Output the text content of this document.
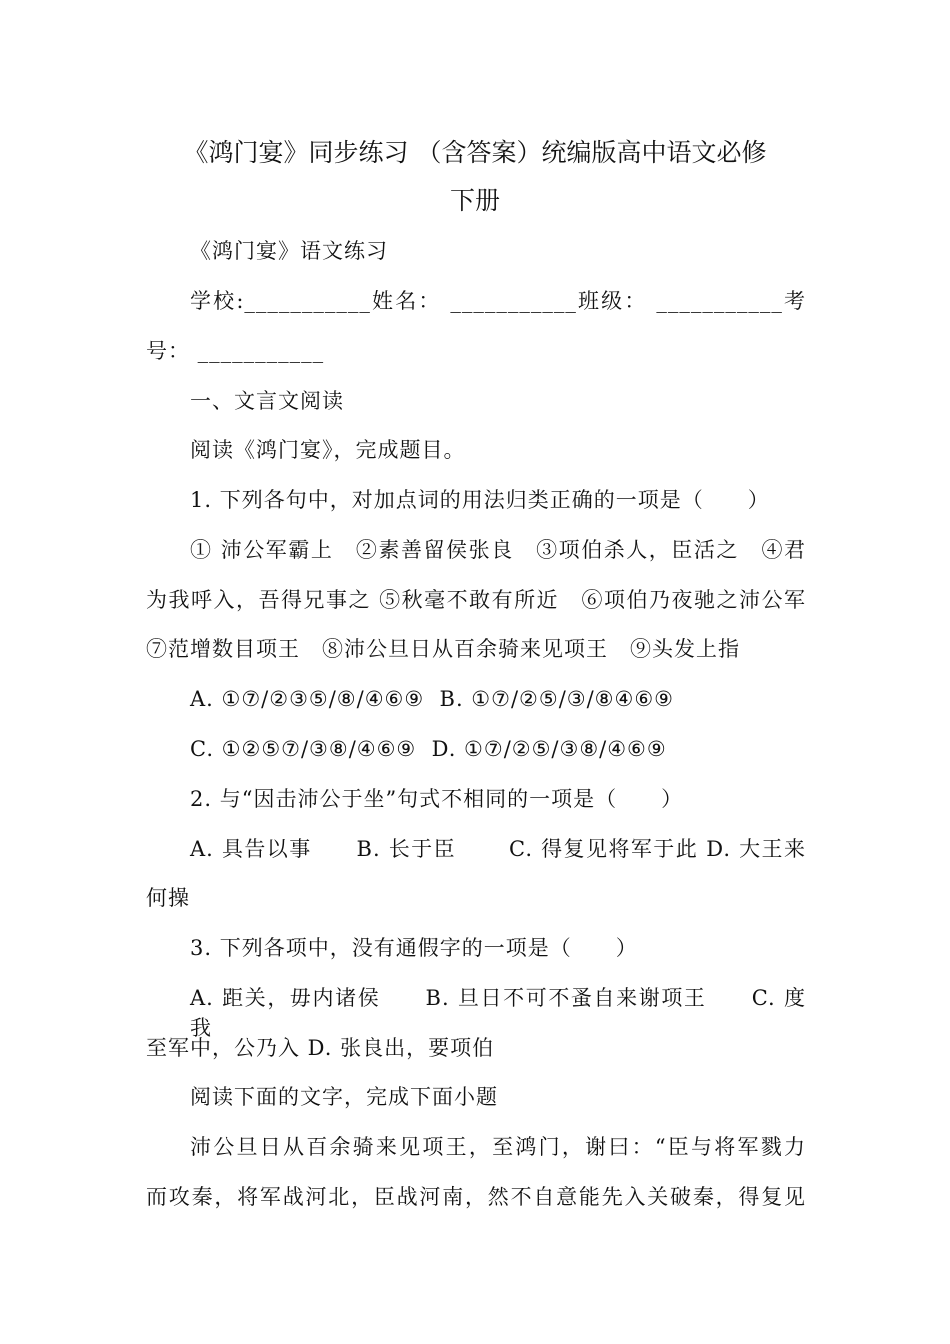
《鸿门宴》同步练习 （含答案）统编版高中语文必修
下册
《鸿门宴》语文练习
学校:___________姓名： ___________班级： ___________考
号： ___________
一、文言文阅读
阅读《鸿门宴》，完成题目。
1. 下列各句中，对加点词的用法归类正确的一项是（　　）
① 沛公军霸上　②素善留侯张良　③项伯杀人，臣活之　④君
为我呼入，吾得兄事之 ⑤秋毫不敢有所近　⑥项伯乃夜驰之沛公军
⑦范增数目项王　⑧沛公旦日从百余骑来见项王　⑨头发上指
A. ①⑦/②③⑤/⑧/④⑥⑨  B. ①⑦/②⑤/③/⑧④⑥⑨
C. ①②⑤⑦/③⑧/④⑥⑨  D. ①⑦/②⑤/③⑧/④⑥⑨
2. 与“因击沛公于坐”句式不相同的一项是（　　）
A. 具告以事　　B. 长于臣　　 C. 得复见将军于此 D. 大王来
何操
3. 下列各项中，没有通假字的一项是（　　）
A. 距关，毋内诸侯　　B. 旦日不可不蚤自来谢项王　　C. 度我
至军中，公乃入 D. 张良出，要项伯
阅读下面的文字，完成下面小题
沛公旦日从百余骑来见项王，至鸿门，谢曰：“臣与将军戮力
而攻秦，将军战河北，臣战河南，然不自意能先入关破秦，得复见
